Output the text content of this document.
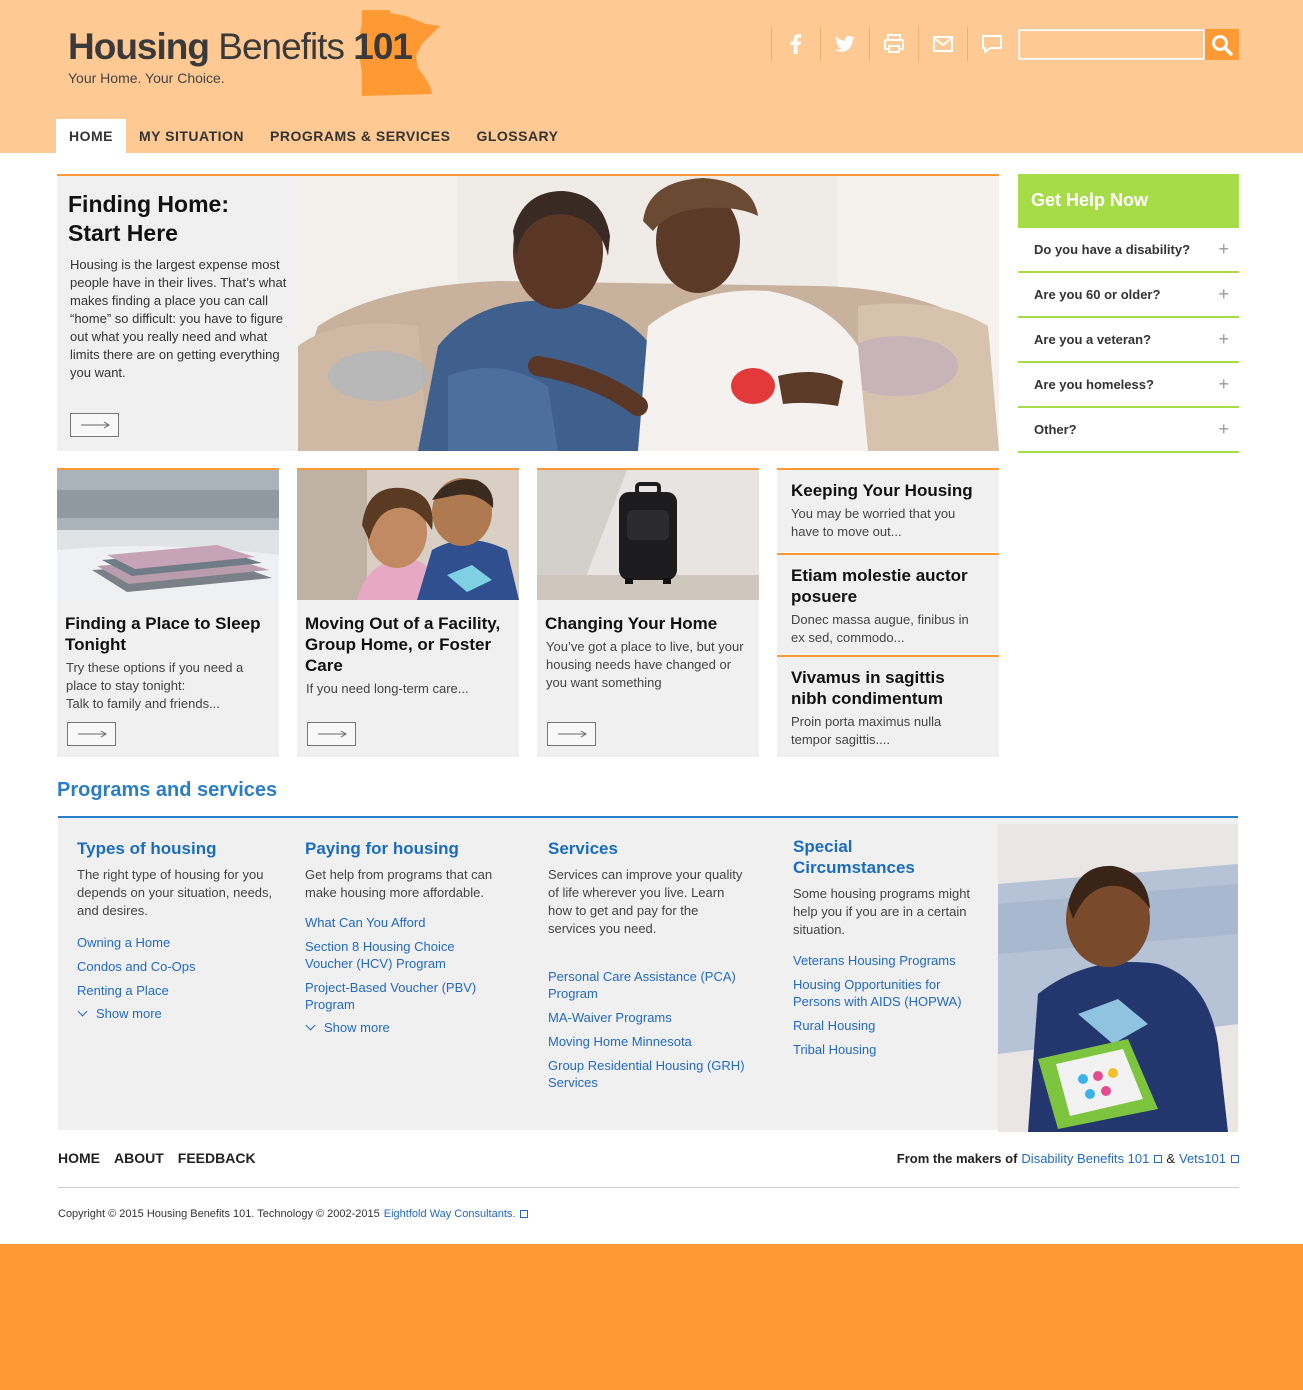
Housing Benefits 101
Your Home. Your Choice.
HOME	MY SITUATION	PROGRAMS & SERVICES	GLOSSARY
Finding Home:
Start Here
Housing is the largest expense most people have in their lives. That’s what makes finding a place you can call “home” so difficult: you have to figure out what you really need and what limits there are on getting everything you want.
Finding a Place to Sleep Tonight
Try these options if you need a place to stay tonight:
Talk to family and friends...
Moving Out of a Facility, Group Home, or Foster Care
If you need long-term care...
Changing Your Home
You’ve got a place to live, but your housing needs have changed or you want something
Keeping Your Housing
You may be worried that you have to move out...
Etiam molestie auctor posuere
Donec massa augue, finibus in ex sed, commodo...
Vivamus in sagittis nibh condimentum
Proin porta maximus nulla tempor sagittis....
Get Help Now
Do you have a disability? +
Are you 60 or older?	+
Are you a veteran?	+
Are you homeless?	+
Other?	+
Programs and services
Types of housing

The right type of housing for you depends on your situation, needs, and desires.

Owning a Home
Condos and Co-Ops
Renting a Place
Show more
Paying for housing

Get help from programs that can make housing more affordable.

What Can You Afford
Section 8 Housing Choice Voucher (HCV) Program
Project-Based Voucher (PBV) Program
Show more
Services

Services can improve your quality of life wherever you live. Learn how to get and pay for the services you need.

Personal Care Assistance (PCA) Program
MA-Waiver Programs
Moving Home Minnesota
Group Residential Housing (GRH) Services
Special Circumstances

Some housing programs might help you if you are in a certain situation.

Veterans Housing Programs
Housing Opportunities for Persons with AIDS (HOPWA)
Rural Housing
Tribal Housing
HOME ABOUT FEEDBACK	From the makers of Disability Benefits 101 & Vets101
Copyright © 2015 Housing Benefits 101. Technology © 2002-2015 Eightfold Way Consultants.
